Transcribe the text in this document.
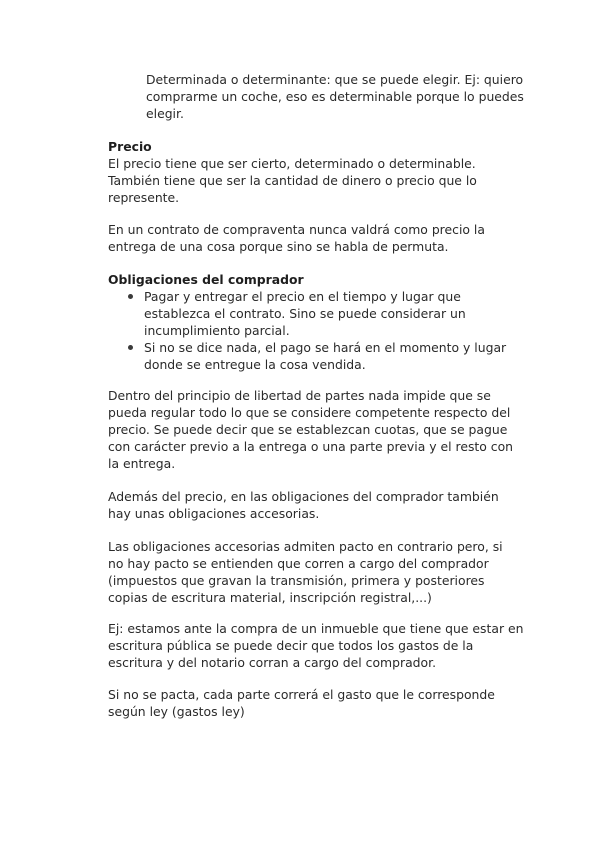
Determinada o determinante: que se puede elegir. Ej: quiero
comprarme un coche, eso es determinable porque lo puedes
elegir.
Precio
El precio tiene que ser cierto, determinado o determinable.
También tiene que ser la cantidad de dinero o precio que lo
represente.
En un contrato de compraventa nunca valdrá como precio la
entrega de una cosa porque sino se habla de permuta.
Obligaciones del comprador
Pagar y entregar el precio en el tiempo y lugar que
establezca el contrato. Sino se puede considerar un
incumplimiento parcial.
Si no se dice nada, el pago se hará en el momento y lugar
donde se entregue la cosa vendida.
Dentro del principio de libertad de partes nada impide que se
pueda regular todo lo que se considere competente respecto del
precio. Se puede decir que se establezcan cuotas, que se pague
con carácter previo a la entrega o una parte previa y el resto con
la entrega.
Además del precio, en las obligaciones del comprador también
hay unas obligaciones accesorias.
Las obligaciones accesorias admiten pacto en contrario pero, si
no hay pacto se entienden que corren a cargo del comprador
(impuestos que gravan la transmisión, primera y posteriores
copias de escritura material, inscripción registral,...)
Ej: estamos ante la compra de un inmueble que tiene que estar en
escritura pública se puede decir que todos los gastos de la
escritura y del notario corran a cargo del comprador.
Si no se pacta, cada parte correrá el gasto que le corresponde
según ley (gastos ley)
